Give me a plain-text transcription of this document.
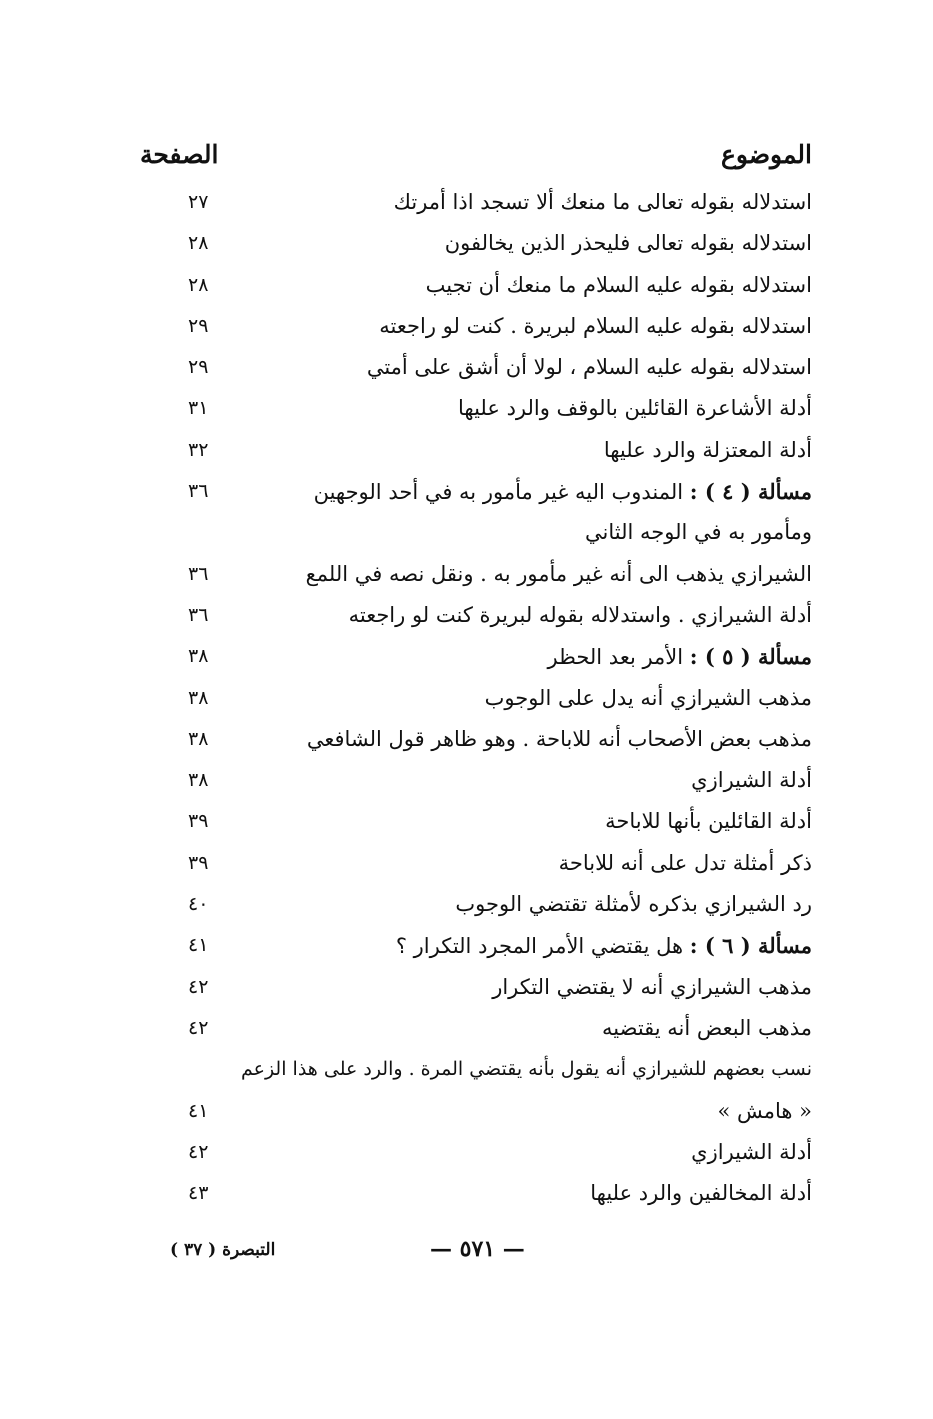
الموضوع
الصفحة
استدلاله بقوله تعالى ما منعك ألا تسجد اذا أمرتك
٢٧
استدلاله بقوله تعالى فليحذر الذين يخالفون
٢٨
استدلاله بقوله عليه السلام ما منعك أن تجيب
٢٨
استدلاله بقوله عليه السلام لبريرة . كنت لو راجعته
٢٩
استدلاله بقوله عليه السلام ، لولا أن أشق على أمتي
٢٩
أدلة الأشاعرة القائلين بالوقف والرد عليها
٣١
أدلة المعتزلة والرد عليها
٣٢
مسألة ( ٤ ) : المندوب اليه غير مأمور به في أحد الوجهين
٣٦
ومأمور به في الوجه الثاني
الشيرازي يذهب الى أنه غير مأمور به . ونقل نصه في اللمع
٣٦
أدلة الشيرازي . واستدلاله بقوله لبريرة كنت لو راجعته
٣٦
مسألة ( ٥ ) : الأمر بعد الحظر
٣٨
مذهب الشيرازي أنه يدل على الوجوب
٣٨
مذهب بعض الأصحاب أنه للاباحة . وهو ظاهر قول الشافعي
٣٨
أدلة الشيرازي
٣٨
أدلة القائلين بأنها للاباحة
٣٩
ذكر أمثلة تدل على أنه للاباحة
٣٩
رد الشيرازي بذكره لأمثلة تقتضي الوجوب
٤٠
مسألة ( ٦ ) : هل يقتضي الأمر المجرد التكرار ؟
٤١
مذهب الشيرازي أنه لا يقتضي التكرار
٤٢
مذهب البعض أنه يقتضيه
٤٢
نسب بعضهم للشيرازي أنه يقول بأنه يقتضي المرة . والرد على هذا الزعم
« هامش »
٤١
أدلة الشيرازي
٤٢
أدلة المخالفين والرد عليها
٤٣
— ٥٧١ —
التبصرة ( ٣٧ )
